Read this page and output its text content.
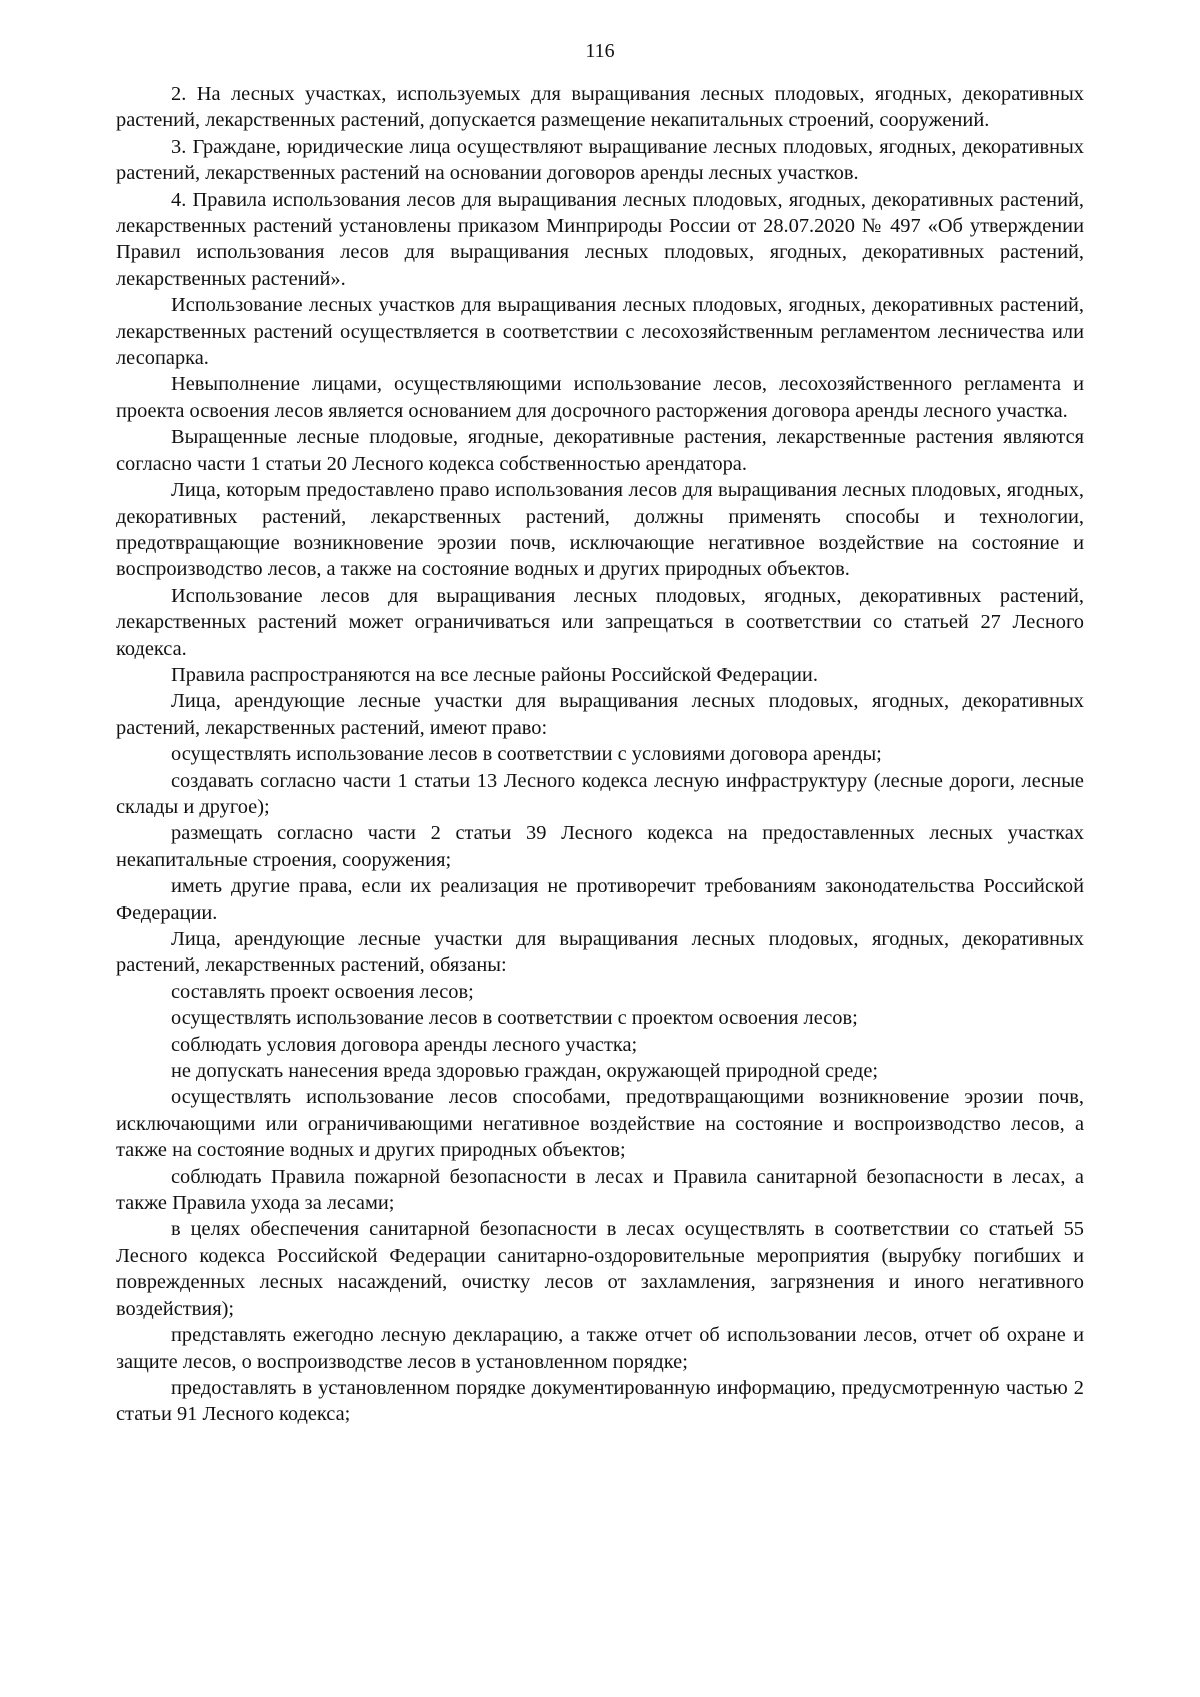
116

2. На лесных участках, используемых для выращивания лесных плодовых, ягодных, декоративных растений, лекарственных растений, допускается размещение некапитальных строений, сооружений.

3. Граждане, юридические лица осуществляют выращивание лесных плодовых, ягодных, декоративных растений, лекарственных растений на основании договоров аренды лесных участков.

4. Правила использования лесов для выращивания лесных плодовых, ягодных, декоративных растений, лекарственных растений установлены приказом Минприроды России от 28.07.2020 № 497 «Об утверждении Правил использования лесов для выращивания лесных плодовых, ягодных, декоративных растений, лекарственных растений».

Использование лесных участков для выращивания лесных плодовых, ягодных, декоративных растений, лекарственных растений осуществляется в соответствии с лесохозяйственным регламентом лесничества или лесопарка.

Невыполнение лицами, осуществляющими использование лесов, лесохозяйственного регламента и проекта освоения лесов является основанием для досрочного расторжения договора аренды лесного участка.

Выращенные лесные плодовые, ягодные, декоративные растения, лекарственные растения являются согласно части 1 статьи 20 Лесного кодекса собственностью арендатора.

Лица, которым предоставлено право использования лесов для выращивания лесных плодовых, ягодных, декоративных растений, лекарственных растений, должны применять способы и технологии, предотвращающие возникновение эрозии почв, исключающие негативное воздействие на состояние и воспроизводство лесов, а также на состояние водных и других природных объектов.

Использование лесов для выращивания лесных плодовых, ягодных, декоративных растений, лекарственных растений может ограничиваться или запрещаться в соответствии со статьей 27 Лесного кодекса.

Правила распространяются на все лесные районы Российской Федерации.

Лица, арендующие лесные участки для выращивания лесных плодовых, ягодных, декоративных растений, лекарственных растений, имеют право:

осуществлять использование лесов в соответствии с условиями договора аренды;

создавать согласно части 1 статьи 13 Лесного кодекса лесную инфраструктуру (лесные дороги, лесные склады и другое);

размещать согласно части 2 статьи 39 Лесного кодекса на предоставленных лесных участках некапитальные строения, сооружения;

иметь другие права, если их реализация не противоречит требованиям законодательства Российской Федерации.

Лица, арендующие лесные участки для выращивания лесных плодовых, ягодных, декоративных растений, лекарственных растений, обязаны:

составлять проект освоения лесов;

осуществлять использование лесов в соответствии с проектом освоения лесов;

соблюдать условия договора аренды лесного участка;

не допускать нанесения вреда здоровью граждан, окружающей природной среде;

осуществлять использование лесов способами, предотвращающими возникновение эрозии почв, исключающими или ограничивающими негативное воздействие на состояние и воспроизводство лесов, а также на состояние водных и других природных объектов;

соблюдать Правила пожарной безопасности в лесах и Правила санитарной безопасности в лесах, а также Правила ухода за лесами;

в целях обеспечения санитарной безопасности в лесах осуществлять в соответствии со статьей 55 Лесного кодекса Российской Федерации санитарно-оздоровительные мероприятия (вырубку погибших и поврежденных лесных насаждений, очистку лесов от захламления, загрязнения и иного негативного воздействия);

представлять ежегодно лесную декларацию, а также отчет об использовании лесов, отчет об охране и защите лесов, о воспроизводстве лесов в установленном порядке;

предоставлять в установленном порядке документированную информацию, предусмотренную частью 2 статьи 91 Лесного кодекса;
